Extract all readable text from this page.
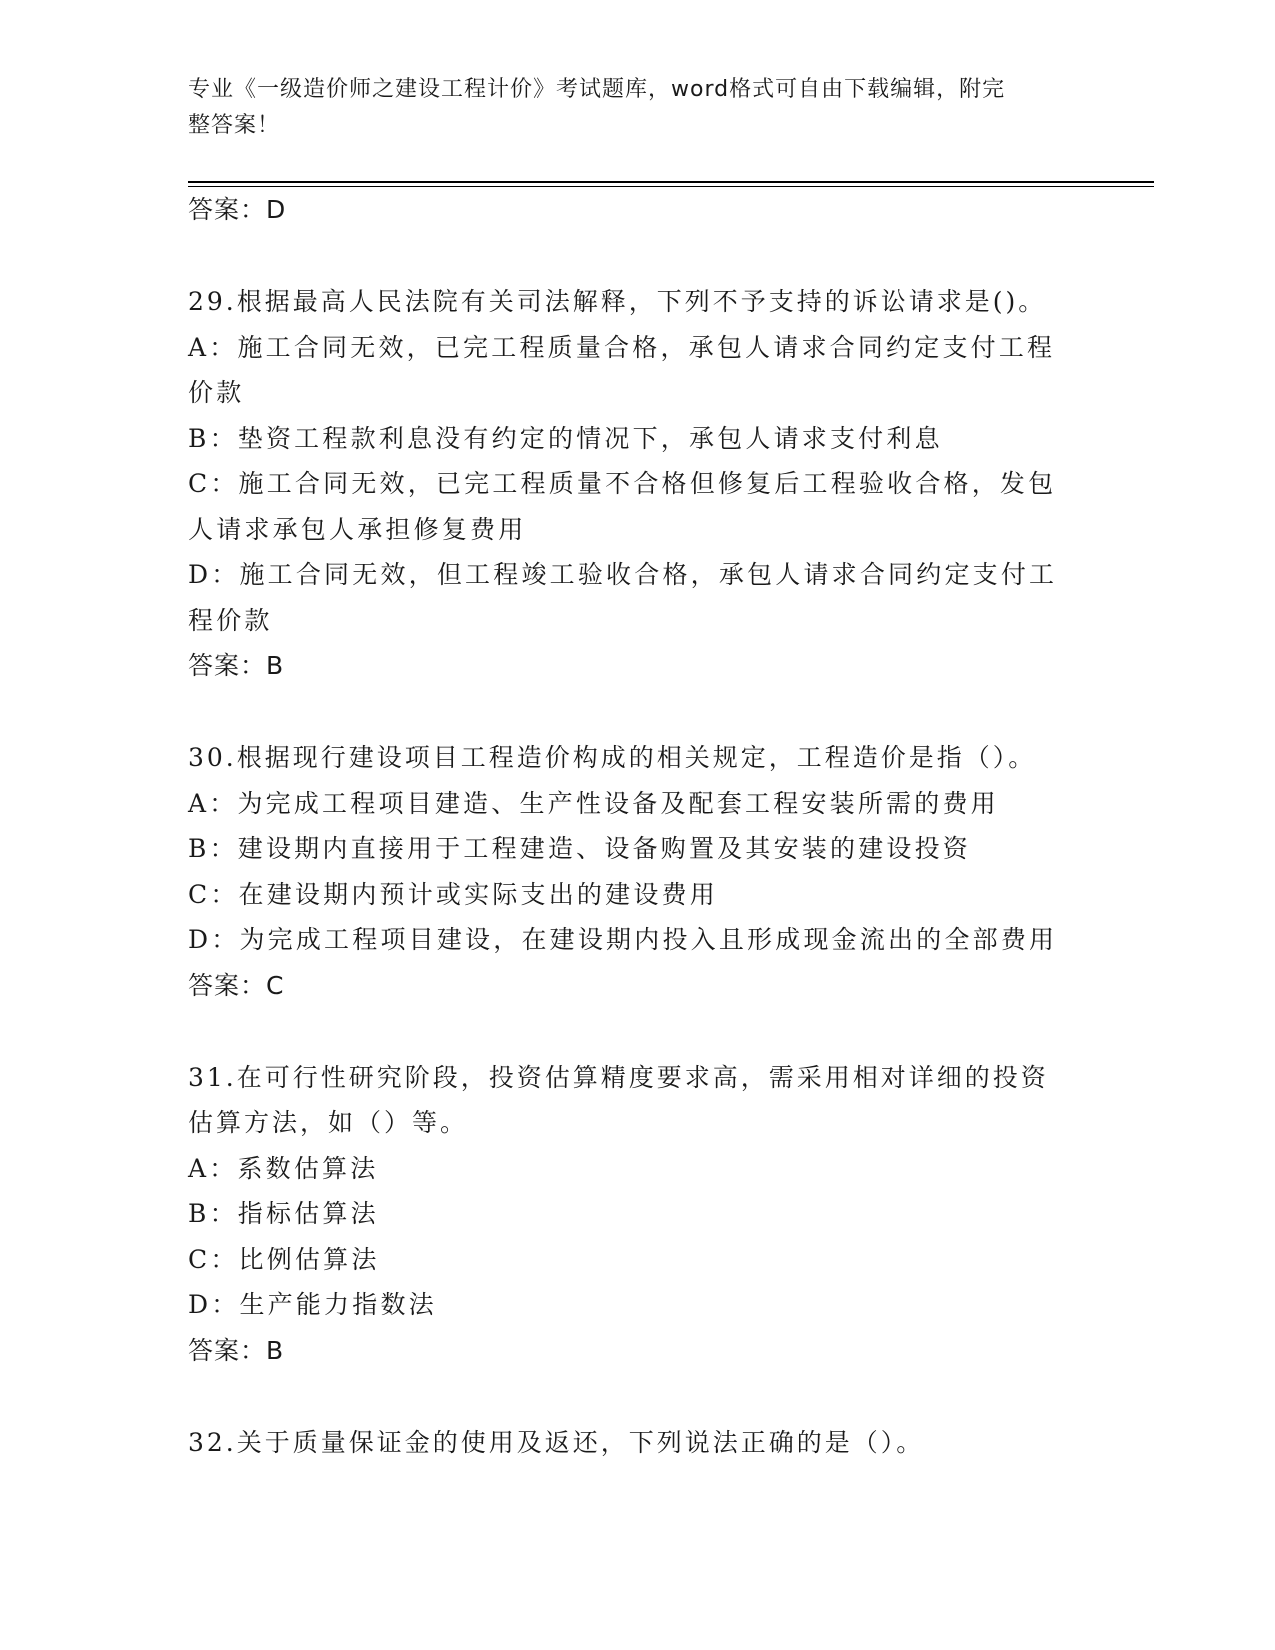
专业《一级造价师之建设工程计价》考试题库，word格式可自由下载编辑，附完
整答案！
答案：D
29.根据最高人民法院有关司法解释，下列不予支持的诉讼请求是()。
A：施工合同无效，已完工程质量合格，承包人请求合同约定支付工程
价款
B：垫资工程款利息没有约定的情况下，承包人请求支付利息
C：施工合同无效，已完工程质量不合格但修复后工程验收合格，发包
人请求承包人承担修复费用
D：施工合同无效，但工程竣工验收合格，承包人请求合同约定支付工
程价款
答案：B
30.根据现行建设项目工程造价构成的相关规定，工程造价是指（）。
A：为完成工程项目建造、生产性设备及配套工程安装所需的费用
B：建设期内直接用于工程建造、设备购置及其安装的建设投资
C：在建设期内预计或实际支出的建设费用
D：为完成工程项目建设，在建设期内投入且形成现金流出的全部费用
答案：C
31.在可行性研究阶段，投资估算精度要求高，需采用相对详细的投资
估算方法，如（）等。
A：系数估算法
B：指标估算法
C：比例估算法
D：生产能力指数法
答案：B
32.关于质量保证金的使用及返还，下列说法正确的是（）。
